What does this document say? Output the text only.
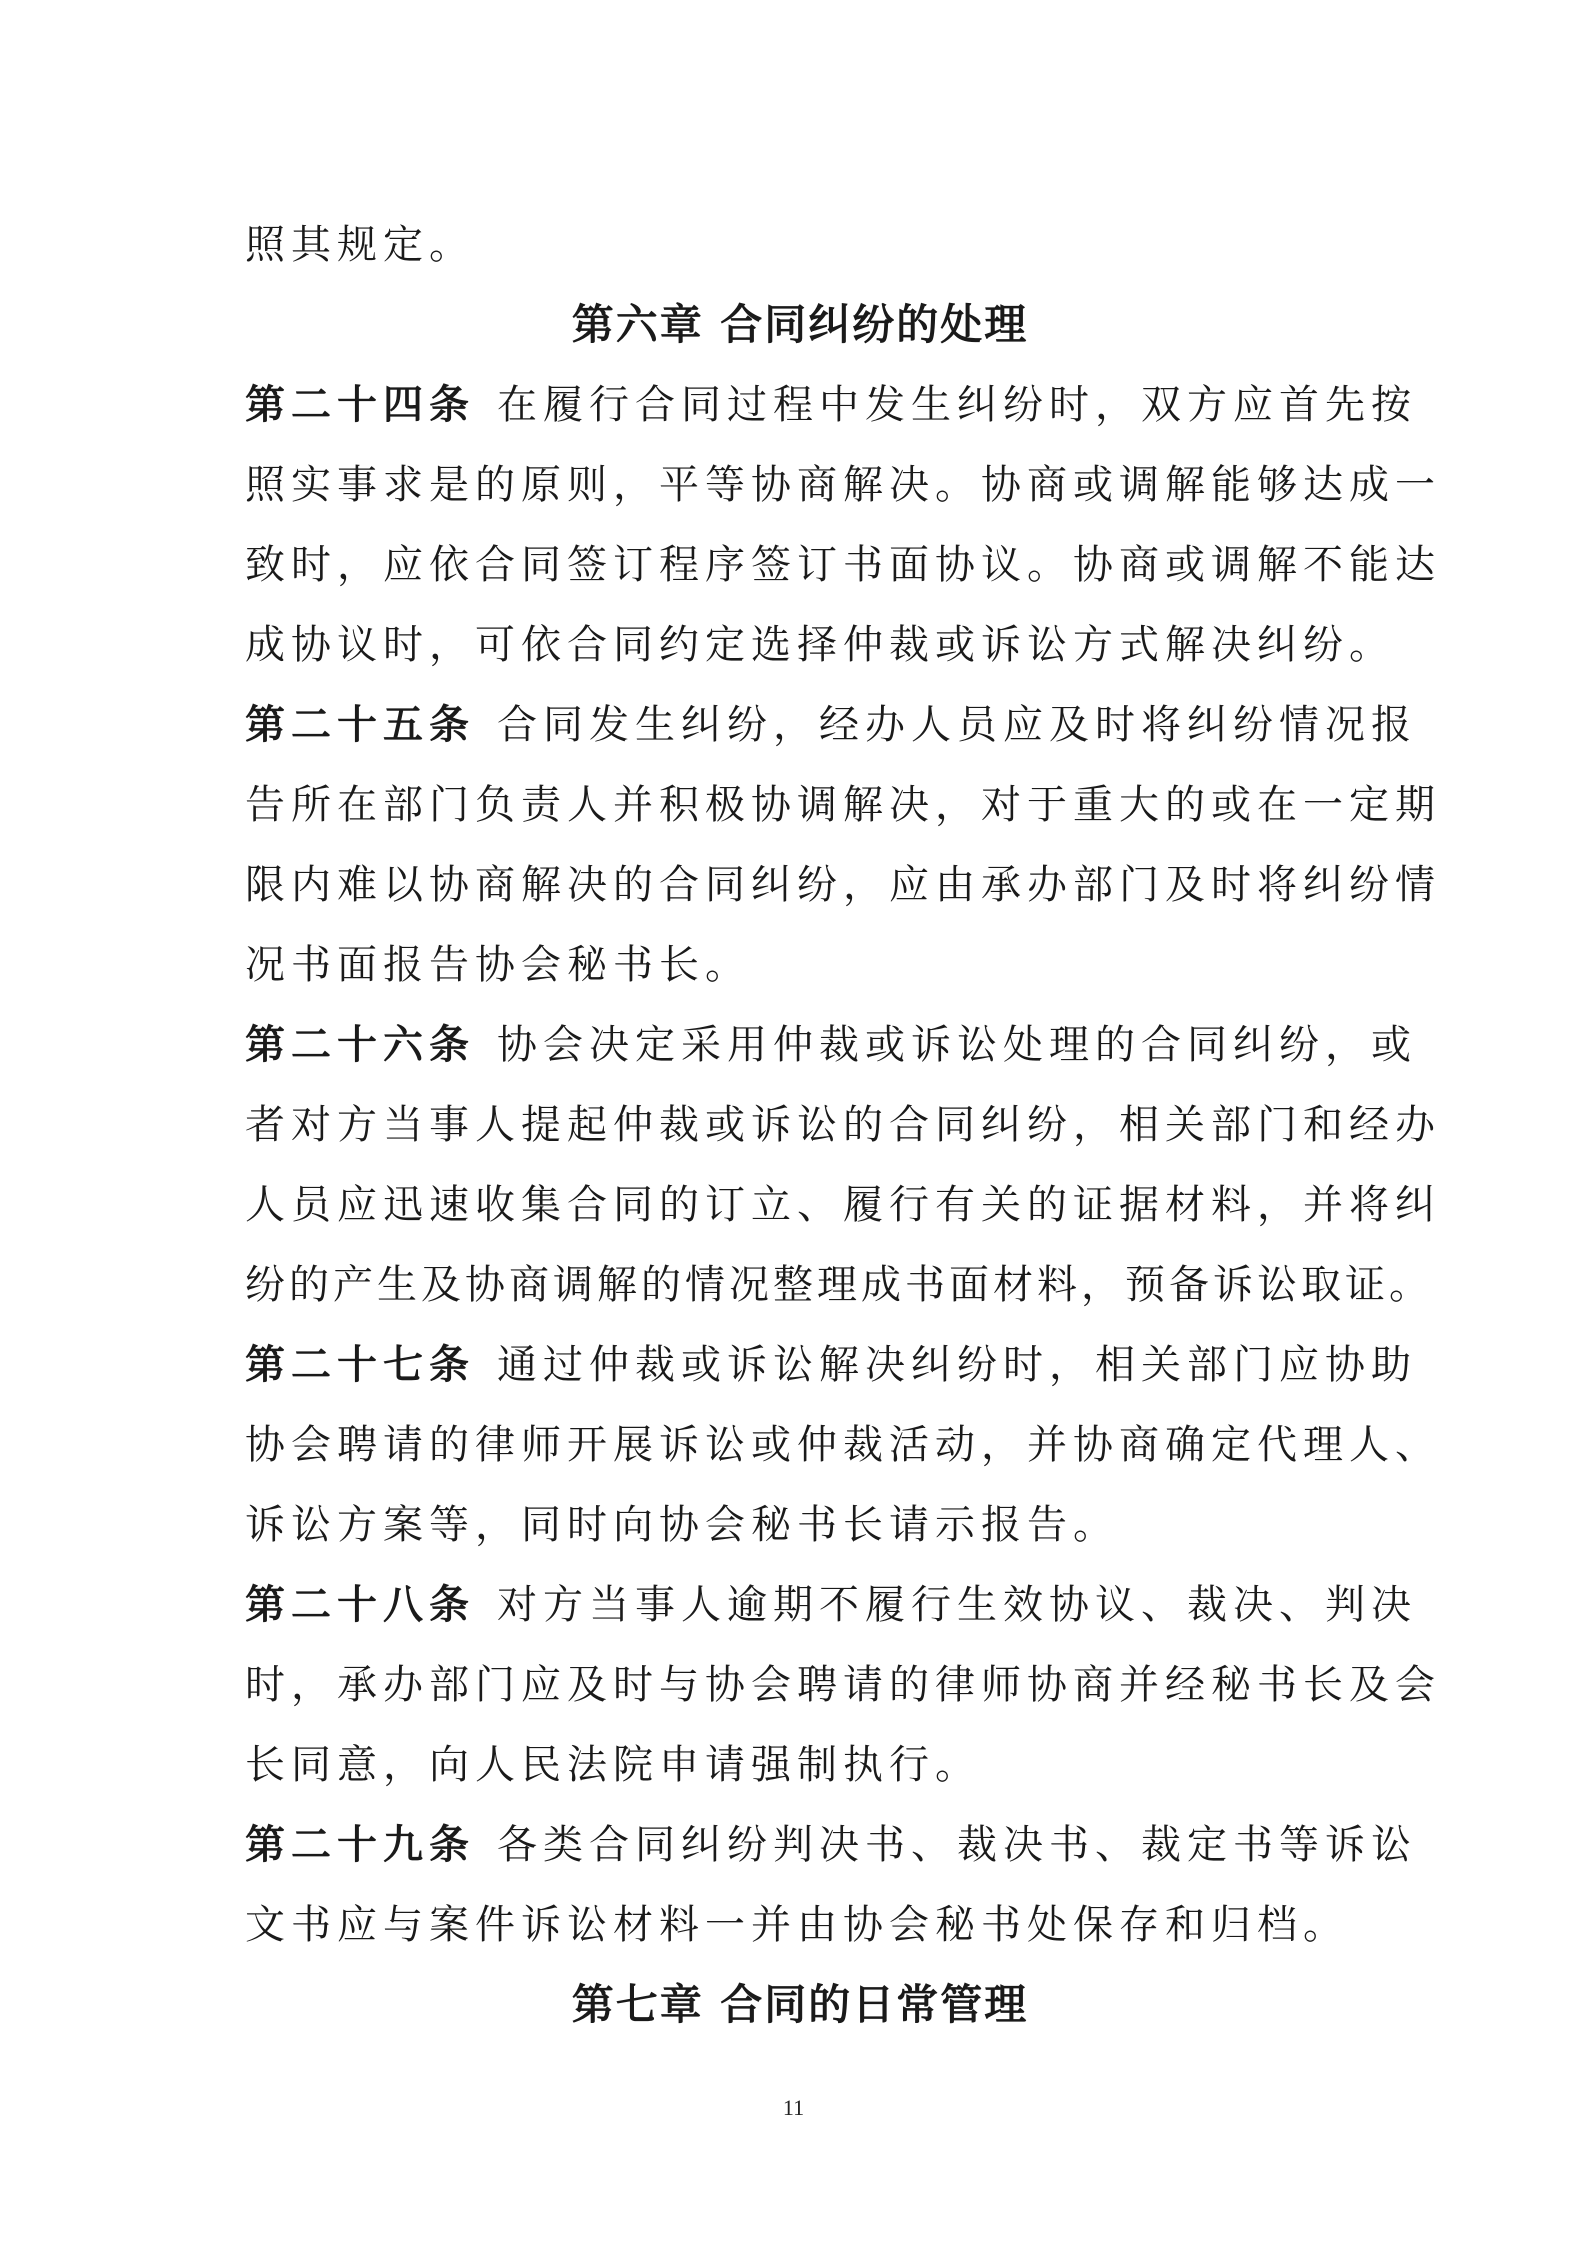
照其规定。
第六章 合同纠纷的处理
第二十四条 在履行合同过程中发生纠纷时，双方应首先按
照实事求是的原则，平等协商解决。协商或调解能够达成一
致时，应依合同签订程序签订书面协议。协商或调解不能达
成协议时，可依合同约定选择仲裁或诉讼方式解决纠纷。
第二十五条 合同发生纠纷，经办人员应及时将纠纷情况报
告所在部门负责人并积极协调解决，对于重大的或在一定期
限内难以协商解决的合同纠纷，应由承办部门及时将纠纷情
况书面报告协会秘书长。
第二十六条 协会决定采用仲裁或诉讼处理的合同纠纷，或
者对方当事人提起仲裁或诉讼的合同纠纷，相关部门和经办
人员应迅速收集合同的订立、履行有关的证据材料，并将纠
纷的产生及协商调解的情况整理成书面材料，预备诉讼取证。
第二十七条 通过仲裁或诉讼解决纠纷时，相关部门应协助
协会聘请的律师开展诉讼或仲裁活动，并协商确定代理人、
诉讼方案等，同时向协会秘书长请示报告。
第二十八条 对方当事人逾期不履行生效协议、裁决、判决
时，承办部门应及时与协会聘请的律师协商并经秘书长及会
长同意，向人民法院申请强制执行。
第二十九条 各类合同纠纷判决书、裁决书、裁定书等诉讼
文书应与案件诉讼材料一并由协会秘书处保存和归档。
第七章 合同的日常管理
11
